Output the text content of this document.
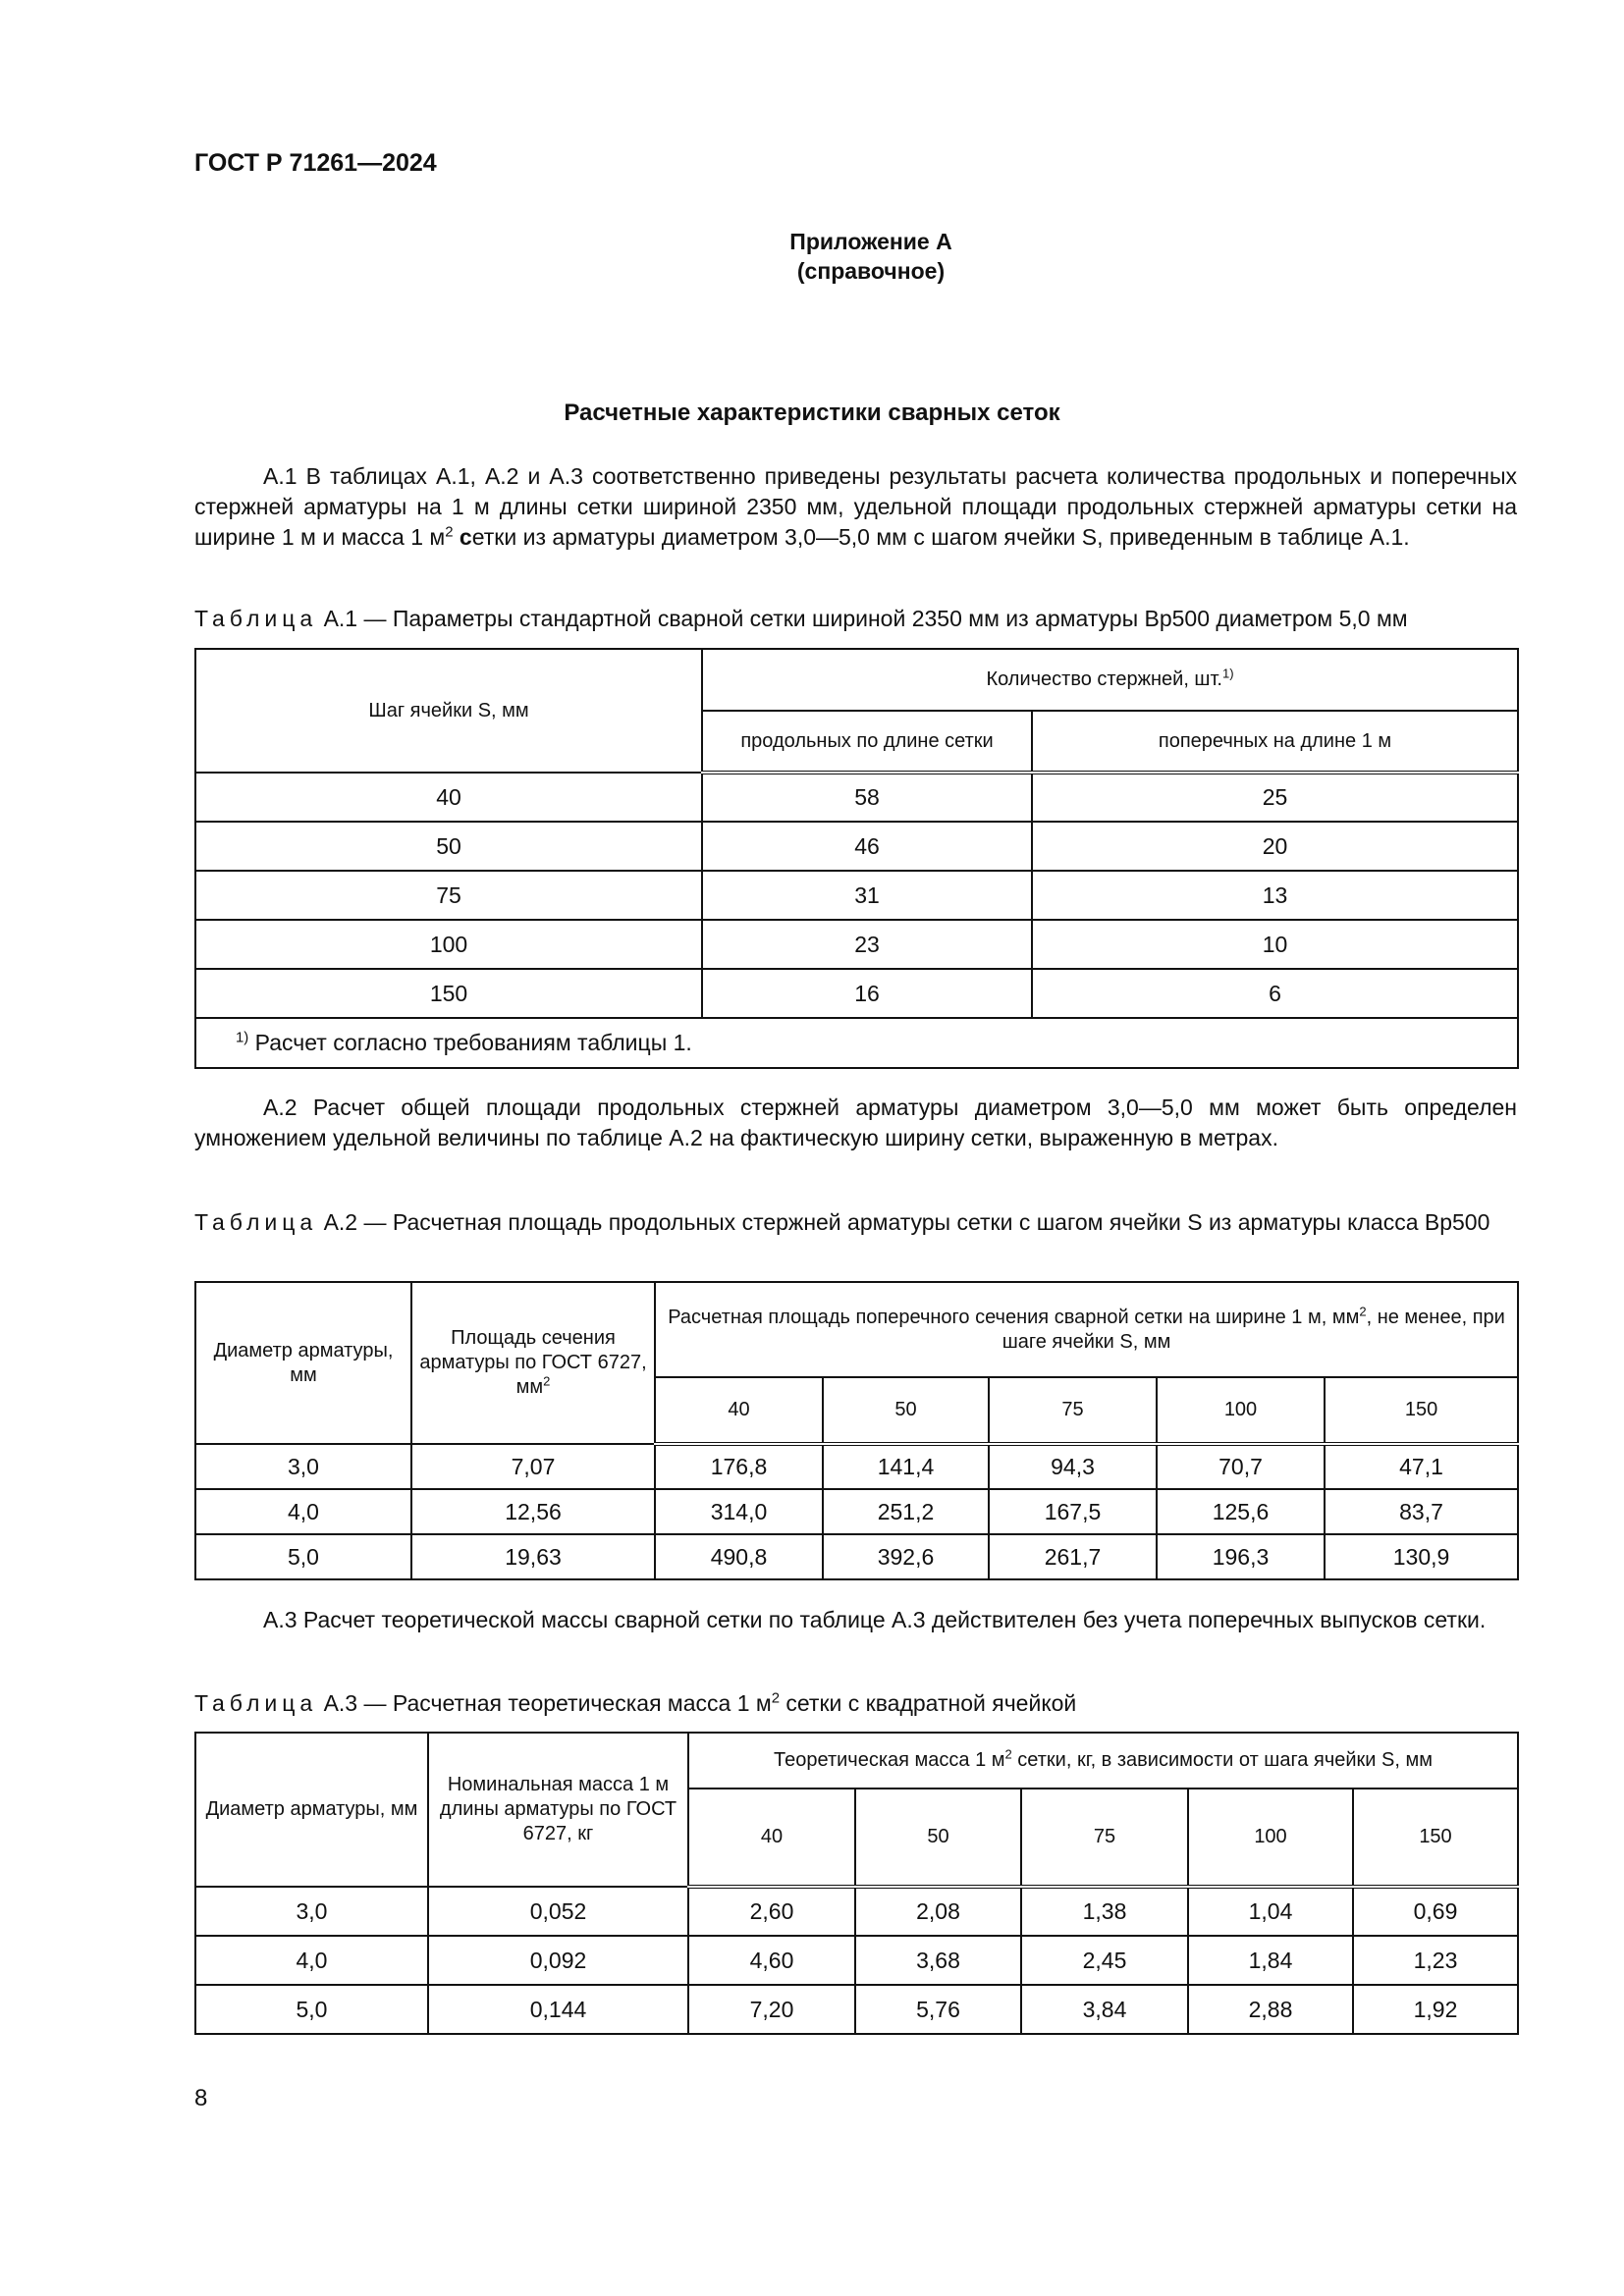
ГОСТ Р 71261—2024
Приложение А
(справочное)
Расчетные характеристики сварных сеток
А.1 В таблицах А.1, А.2 и А.3 соответственно приведены результаты расчета количества продольных и поперечных стержней арматуры на 1 м длины сетки шириной 2350 мм, удельной площади продольных стержней арматуры сетки на ширине 1 м и масса 1 $м^2$ сетки из арматуры диаметром 3,0—5,0 мм с шагом ячейки S, приведенным в таблице А.1.
Таблица А.1 — Параметры стандартной сварной сетки шириной 2350 мм из арматуры Вр500 диаметром 5,0 мм
Шаг ячейки S, мм	Количество стержней, шт.$^{1)}$
	продольных по длине сетки	поперечных на длине 1 м
40	58	25
50	46	20
75	31	13
100	23	10
150	16	6
$^{1)}$ Расчет согласно требованиям таблицы 1.		
А.2 Расчет общей площади продольных стержней арматуры диаметром 3,0—5,0 мм может быть определен умножением удельной величины по таблице А.2 на фактическую ширину сетки, выраженную в метрах.
Таблица А.2 — Расчетная площадь продольных стержней арматуры сетки с шагом ячейки S из арматуры класса Вр500
Диаметр арматуры, мм	Площадь сечения арматуры по ГОСТ 6727, $мм^2$	Расчетная площадь поперечного сечения сварной сетки на ширине 1 м, $мм^2$, не менее, при шаге ячейки S, мм				
		40	50	75	100	150
3,0	7,07	176,8	141,4	94,3	70,7	47,1
4,0	12,56	314,0	251,2	167,5	125,6	83,7
5,0	19,63	490,8	392,6	261,7	196,3	130,9
А.3 Расчет теоретической массы сварной сетки по таблице А.3 действителен без учета поперечных выпусков сетки.
Таблица А.3 — Расчетная теоретическая масса 1 $м^2$ сетки с квадратной ячейкой
Диаметр арматуры, мм	Номинальная масса 1 м длины арматуры по ГОСТ 6727, кг	Теоретическая масса 1 $м^2$ сетки, кг, в зависимости от шага ячейки S, мм				
		40	50	75	100	150
3,0	0,052	2,60	2,08	1,38	1,04	0,69
4,0	0,092	4,60	3,68	2,45	1,84	1,23
5,0	0,144	7,20	5,76	3,84	2,88	1,92
8
